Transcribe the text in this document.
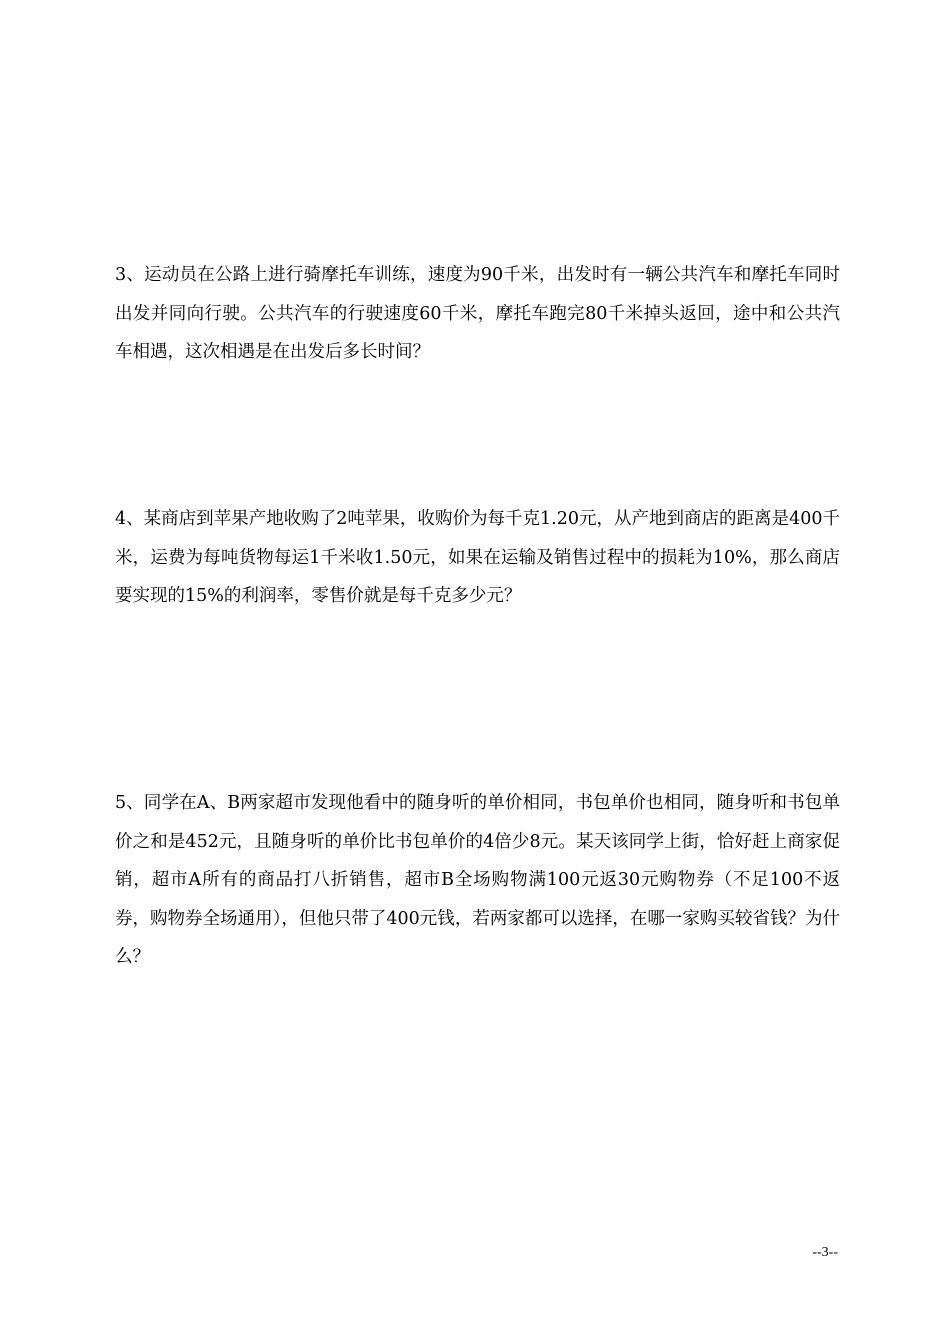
3、运动员在公路上进行骑摩托车训练，速度为90千米，出发时有一辆公共汽车和摩托车同时出发并同向行驶。公共汽车的行驶速度60千米，摩托车跑完80千米掉头返回，途中和公共汽车相遇，这次相遇是在出发后多长时间？

4、某商店到苹果产地收购了2吨苹果，收购价为每千克1.20元，从产地到商店的距离是400千米，运费为每吨货物每运1千米收1.50元，如果在运输及销售过程中的损耗为10%，那么商店要实现的15%的利润率，零售价就是每千克多少元？

5、同学在A、B两家超市发现他看中的随身听的单价相同，书包单价也相同，随身听和书包单价之和是452元，且随身听的单价比书包单价的4倍少8元。某天该同学上街，恰好赶上商家促销，超市A所有的商品打八折销售，超市B全场购物满100元返30元购物券（不足100不返券，购物券全场通用），但他只带了400元钱，若两家都可以选择，在哪一家购买较省钱？为什么？

--3--
